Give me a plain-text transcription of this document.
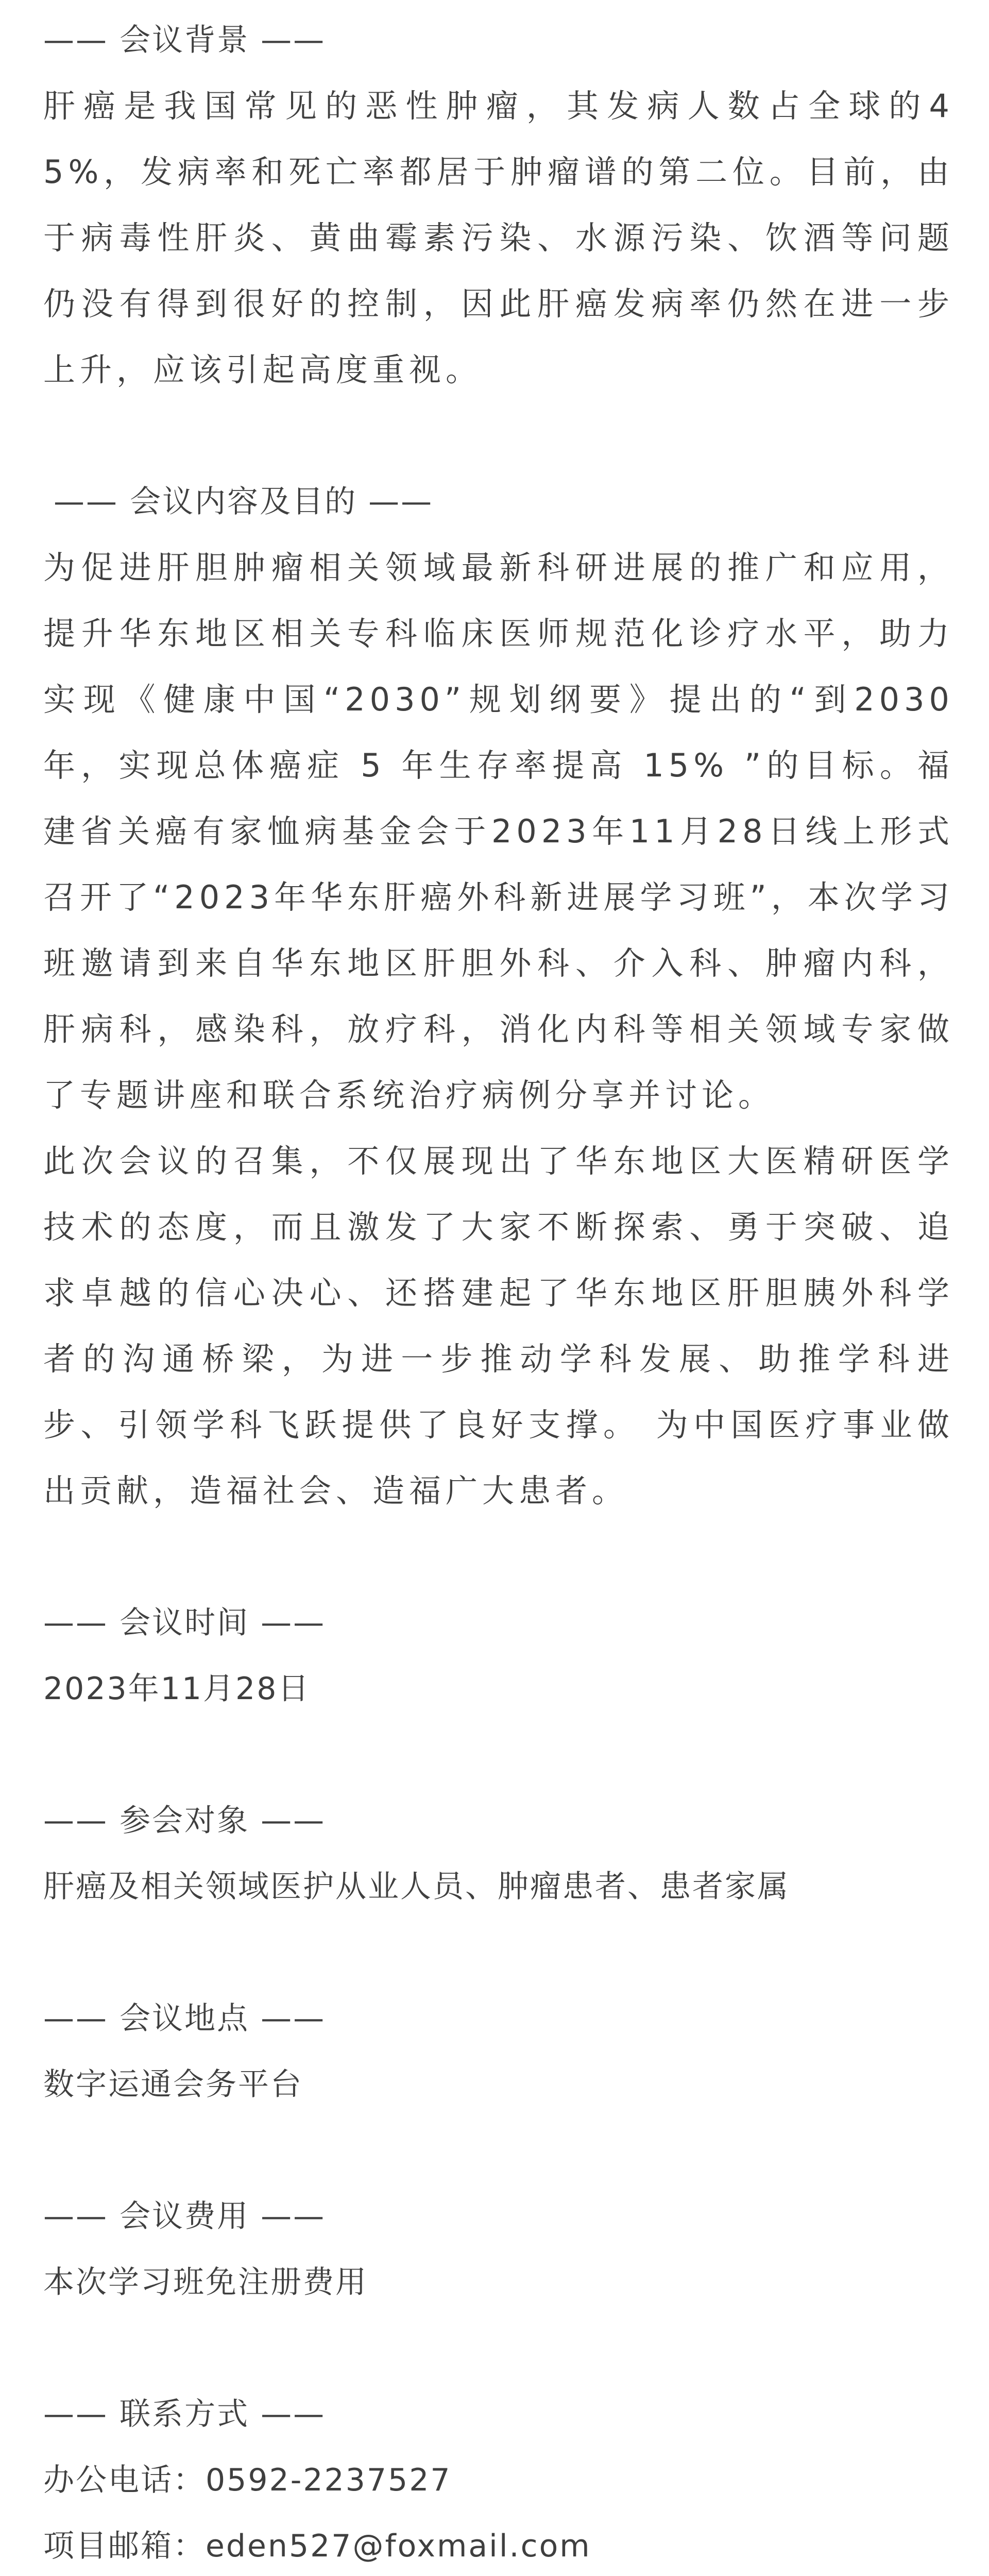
—— 会议背景 ——

肝癌是我国常见的恶性肿瘤，其发病人数占全球的45%，发病率和死亡率都居于肿瘤谱的第二位。目前，由于病毒性肝炎、黄曲霉素污染、水源污染、饮酒等问题仍没有得到很好的控制，因此肝癌发病率仍然在进一步上升，应该引起高度重视。

—— 会议内容及目的 ——

为促进肝胆肿瘤相关领域最新科研进展的推广和应用，提升华东地区相关专科临床医师规范化诊疗水平，助力实现《健康中国“2030”规划纲要》提出的“到2030年，实现总体癌症 5 年生存率提高 15% ”的目标。福建省关癌有家恤病基金会于2023年11月28日线上形式召开了“2023年华东肝癌外科新进展学习班”，本次学习班邀请到来自华东地区肝胆外科、介入科、肿瘤内科，肝病科，感染科，放疗科，消化内科等相关领域专家做了专题讲座和联合系统治疗病例分享并讨论。

此次会议的召集，不仅展现出了华东地区大医精研医学技术的态度，而且激发了大家不断探索、勇于突破、追求卓越的信心决心、还搭建起了华东地区肝胆胰外科学者的沟通桥梁，为进一步推动学科发展、助推学科进步、引领学科飞跃提供了良好支撑。 为中国医疗事业做出贡献，造福社会、造福广大患者。

—— 会议时间 ——
2023年11月28日
—— 参会对象 ——
肝癌及相关领域医护从业人员、肿瘤患者、患者家属
—— 会议地点 ——
数字运通会务平台
—— 会议费用 ——
本次学习班免注册费用
—— 联系方式 ——
办公电话：0592-2237527
项目邮箱：eden527@foxmail.com
